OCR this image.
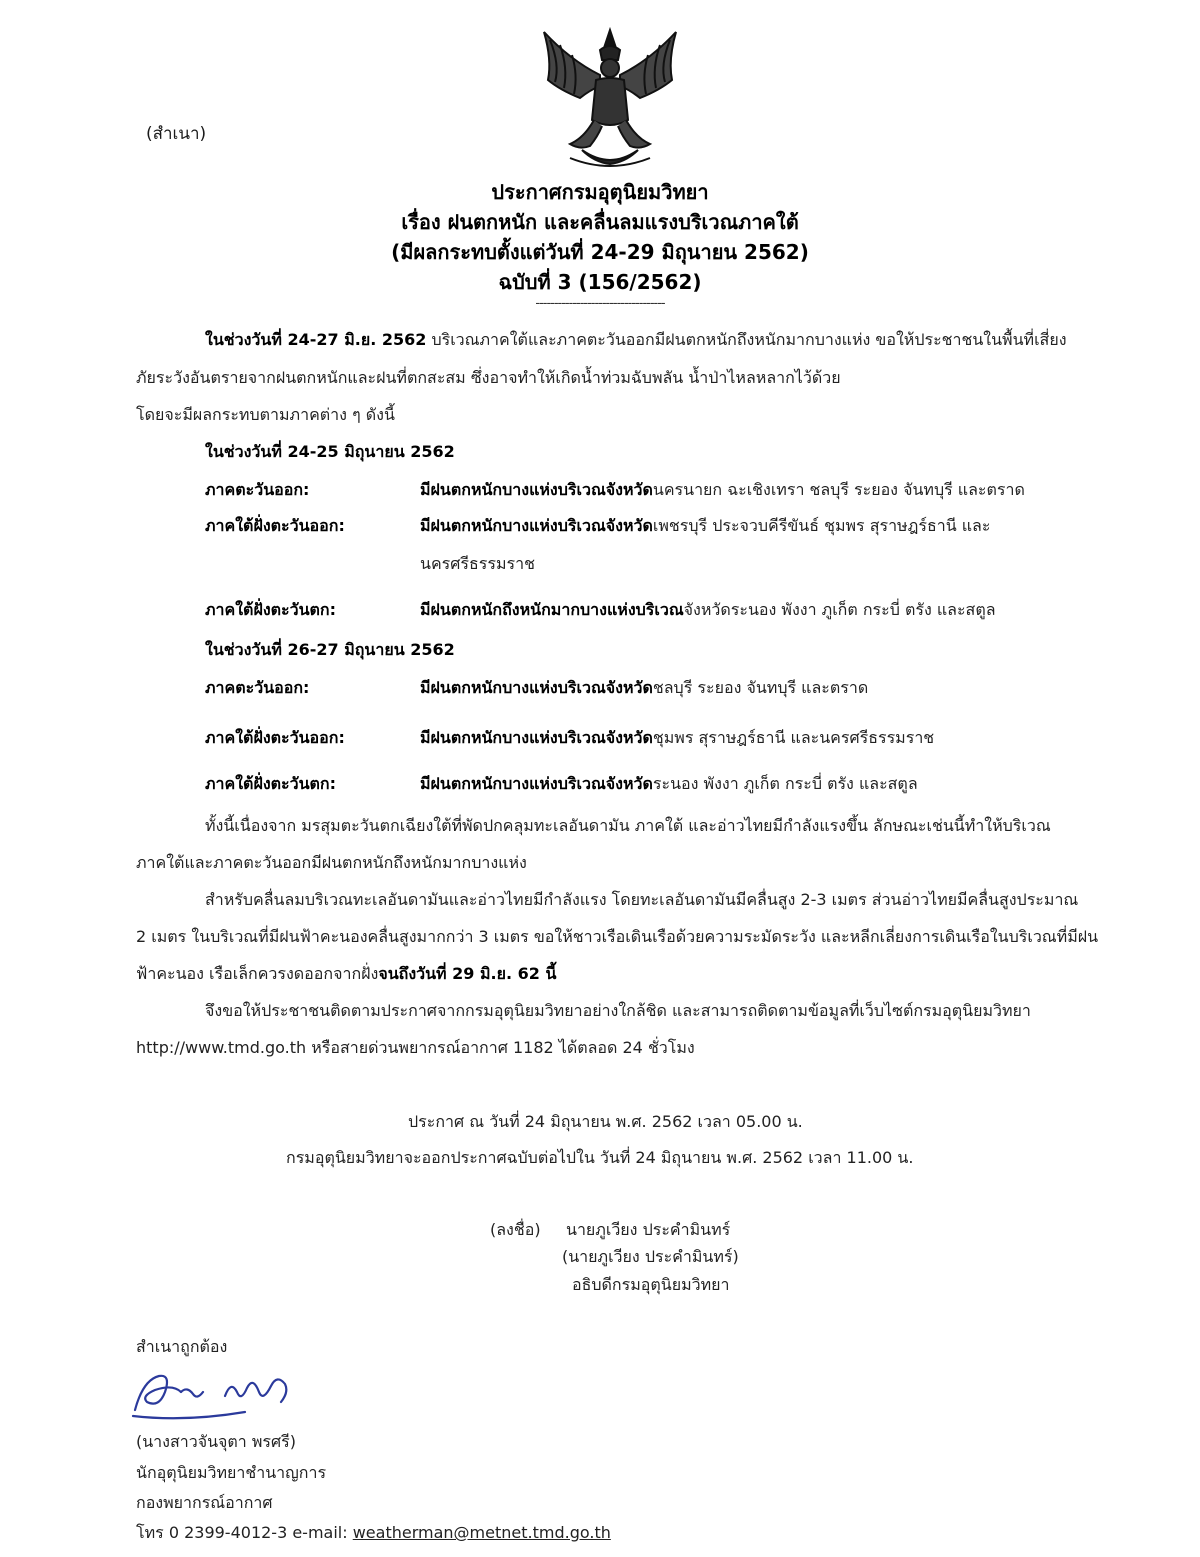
(สำเนา)
ประกาศกรมอุตุนิยมวิทยา
เรื่อง ฝนตกหนัก และคลื่นลมแรงบริเวณภาคใต้
(มีผลกระทบตั้งแต่วันที่ 24-29 มิถุนายน 2562)
ฉบับที่ 3 (156/2562)
-----------------------------------
ในช่วงวันที่ 24-27 มิ.ย. 2562 บริเวณภาคใต้และภาคตะวันออกมีฝนตกหนักถึงหนักมากบางแห่ง ขอให้ประชาชนในพื้นที่เสี่ยง
ภัยระวังอันตรายจากฝนตกหนักและฝนที่ตกสะสม ซึ่งอาจทำให้เกิดน้ำท่วมฉับพลัน น้ำป่าไหลหลากไว้ด้วย
โดยจะมีผลกระทบตามภาคต่าง ๆ ดังนี้
ในช่วงวันที่ 24-25 มิถุนายน 2562
ภาคตะวันออก:	มีฝนตกหนักบางแห่งบริเวณจังหวัดนครนายก ฉะเชิงเทรา ชลบุรี ระยอง จันทบุรี และตราด
ภาคใต้ฝั่งตะวันออก:	มีฝนตกหนักบางแห่งบริเวณจังหวัดเพชรบุรี ประจวบคีรีขันธ์ ชุมพร สุราษฎร์ธานี และ
นครศรีธรรมราช
ภาคใต้ฝั่งตะวันตก:	มีฝนตกหนักถึงหนักมากบางแห่งบริเวณจังหวัดระนอง พังงา ภูเก็ต กระบี่ ตรัง และสตูล
ในช่วงวันที่ 26-27 มิถุนายน 2562
ภาคตะวันออก:	มีฝนตกหนักบางแห่งบริเวณจังหวัดชลบุรี ระยอง จันทบุรี และตราด
ภาคใต้ฝั่งตะวันออก:	มีฝนตกหนักบางแห่งบริเวณจังหวัดชุมพร สุราษฎร์ธานี และนครศรีธรรมราช
ภาคใต้ฝั่งตะวันตก:	มีฝนตกหนักบางแห่งบริเวณจังหวัดระนอง พังงา ภูเก็ต กระบี่ ตรัง และสตูล
ทั้งนี้เนื่องจาก มรสุมตะวันตกเฉียงใต้ที่พัดปกคลุมทะเลอันดามัน ภาคใต้ และอ่าวไทยมีกำลังแรงขึ้น ลักษณะเช่นนี้ทำให้บริเวณ
ภาคใต้และภาคตะวันออกมีฝนตกหนักถึงหนักมากบางแห่ง
สำหรับคลื่นลมบริเวณทะเลอันดามันและอ่าวไทยมีกำลังแรง โดยทะเลอันดามันมีคลื่นสูง 2-3 เมตร ส่วนอ่าวไทยมีคลื่นสูงประมาณ
2 เมตร ในบริเวณที่มีฝนฟ้าคะนองคลื่นสูงมากกว่า 3 เมตร ขอให้ชาวเรือเดินเรือด้วยความระมัดระวัง และหลีกเลี่ยงการเดินเรือในบริเวณที่มีฝน
ฟ้าคะนอง เรือเล็กควรงดออกจากฝั่งจนถึงวันที่ 29 มิ.ย. 62 นี้
จึงขอให้ประชาชนติดตามประกาศจากกรมอุตุนิยมวิทยาอย่างใกล้ชิด และสามารถติดตามข้อมูลที่เว็บไซต์กรมอุตุนิยมวิทยา
http://www.tmd.go.th หรือสายด่วนพยากรณ์อากาศ 1182 ได้ตลอด 24 ชั่วโมง
ประกาศ ณ วันที่ 24 มิถุนายน พ.ศ. 2562 เวลา 05.00 น.
กรมอุตุนิยมวิทยาจะออกประกาศฉบับต่อไปใน วันที่ 24 มิถุนายน พ.ศ. 2562 เวลา 11.00 น.
(ลงชื่อ) นายภูเวียง ประคำมินทร์
(นายภูเวียง ประคำมินทร์)
อธิบดีกรมอุตุนิยมวิทยา
สำเนาถูกต้อง
(นางสาวจันจุตา พรศรี)
นักอุตุนิยมวิทยาชำนาญการ
กองพยากรณ์อากาศ
โทร 0 2399-4012-3 e-mail: weatherman@metnet.tmd.go.th
